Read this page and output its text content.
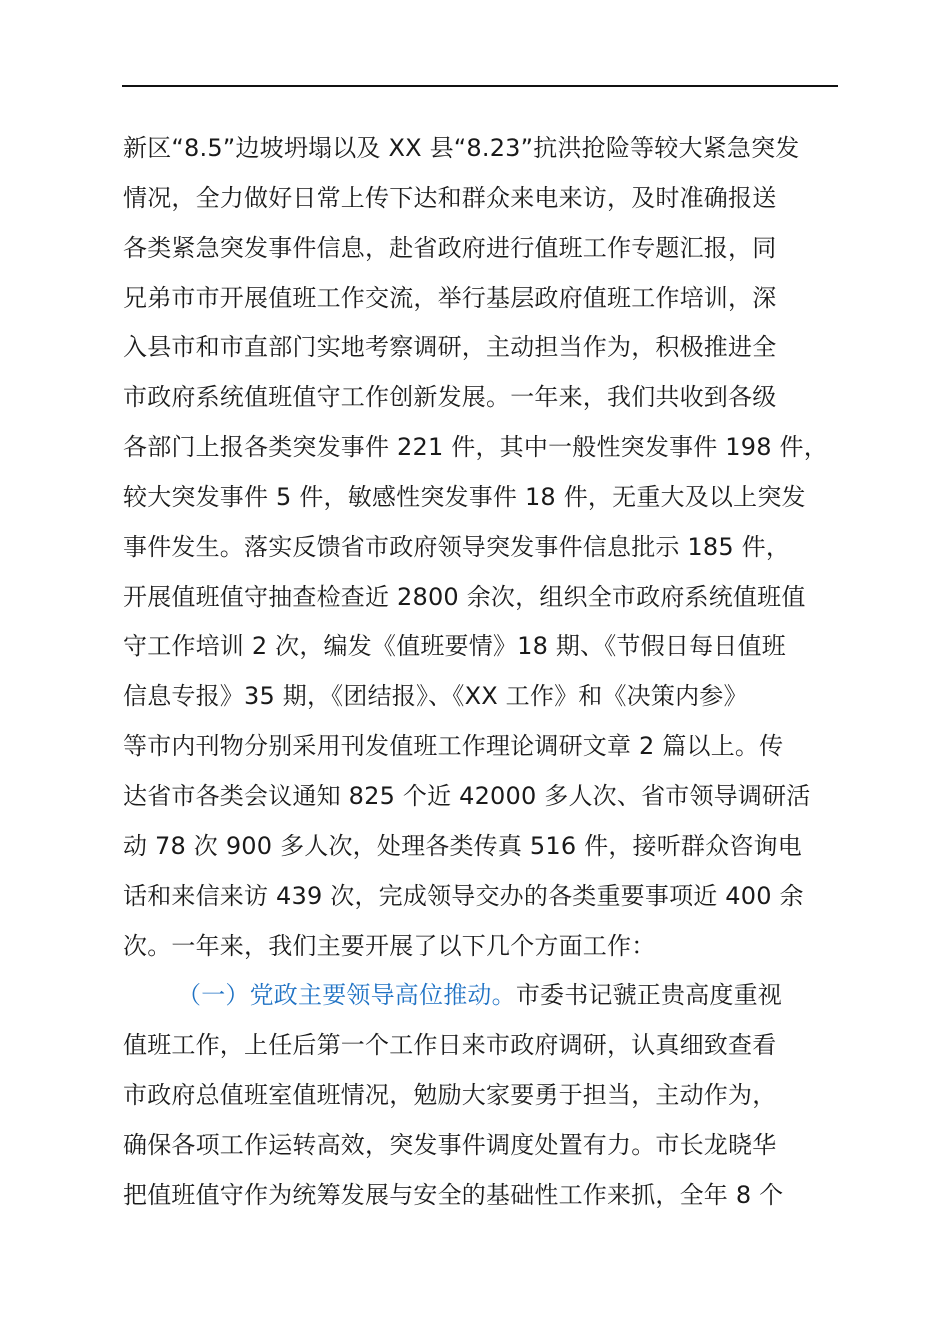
新区“8.5”边坡坍塌以及 XX 县“8.23”抗洪抢险等较大紧急突发
情况，全力做好日常上传下达和群众来电来访，及时准确报送
各类紧急突发事件信息，赴省政府进行值班工作专题汇报，同
兄弟市市开展值班工作交流，举行基层政府值班工作培训，深
入县市和市直部门实地考察调研，主动担当作为，积极推进全
市政府系统值班值守工作创新发展。一年来，我们共收到各级
各部门上报各类突发事件 221 件，其中一般性突发事件 198 件，
较大突发事件 5 件，敏感性突发事件 18 件，无重大及以上突发
事件发生。落实反馈省市政府领导突发事件信息批示 185 件，
开展值班值守抽查检查近 2800 余次，组织全市政府系统值班值
守工作培训 2 次，编发《值班要情》18 期、《节假日每日值班
信息专报》35 期，《团结报》、《XX 工作》和《决策内参》
等市内刊物分别采用刊发值班工作理论调研文章 2 篇以上。传
达省市各类会议通知 825 个近 42000 多人次、省市领导调研活
动 78 次 900 多人次，处理各类传真 516 件，接听群众咨询电
话和来信来访 439 次，完成领导交办的各类重要事项近 400 余
次。一年来，我们主要开展了以下几个方面工作：
（一）党政主要领导高位推动。市委书记虢正贵高度重视
值班工作，上任后第一个工作日来市政府调研，认真细致查看
市政府总值班室值班情况，勉励大家要勇于担当，主动作为，
确保各项工作运转高效，突发事件调度处置有力。市长龙晓华
把值班值守作为统筹发展与安全的基础性工作来抓，全年 8 个
